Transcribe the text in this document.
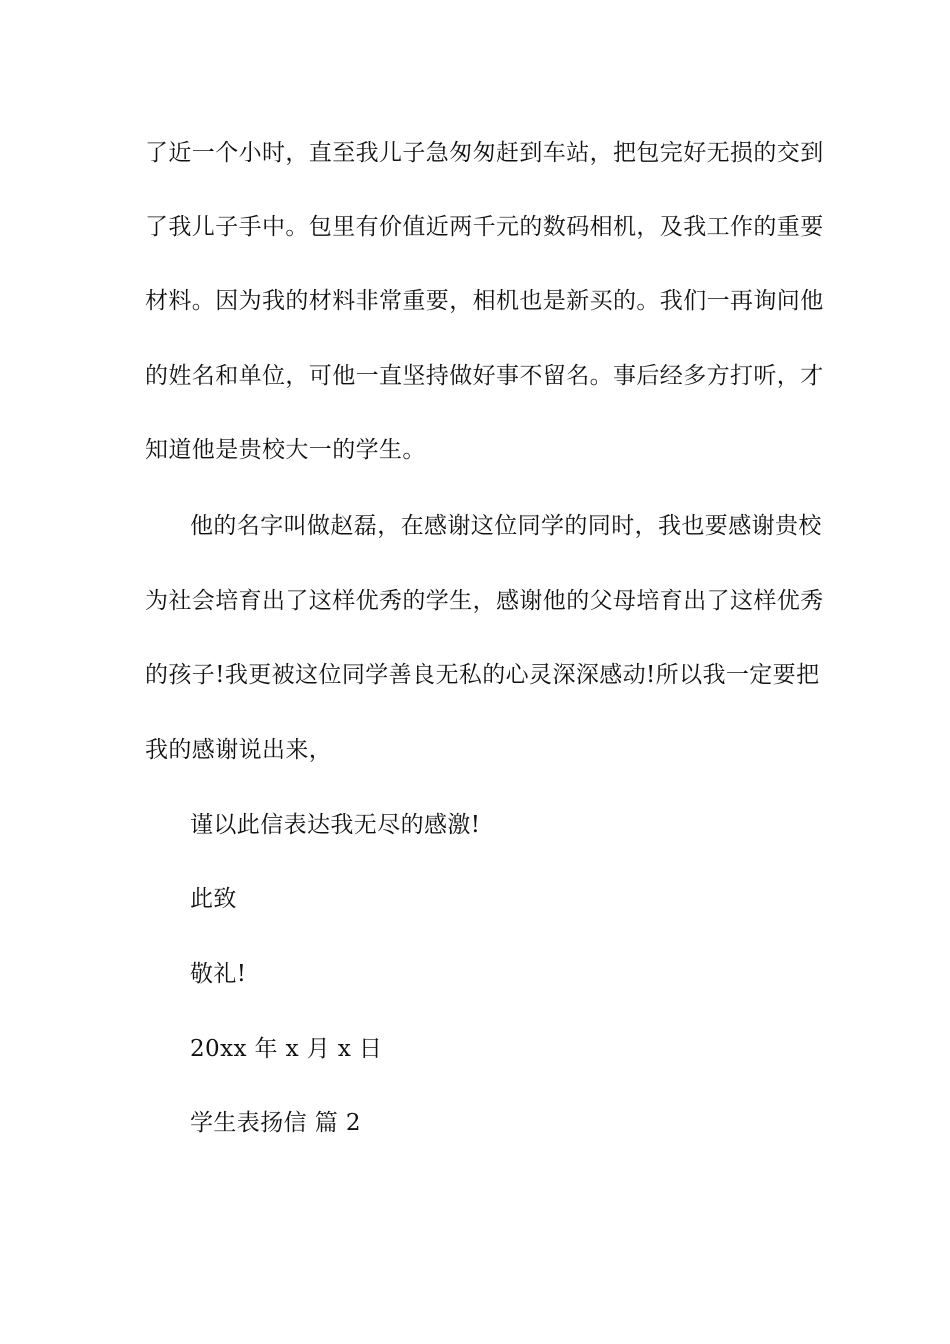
了近一个小时，直至我儿子急匆匆赶到车站，把包完好无损的交到
了我儿子手中。包里有价值近两千元的数码相机，及我工作的重要
材料。因为我的材料非常重要，相机也是新买的。我们一再询问他
的姓名和单位，可他一直坚持做好事不留名。事后经多方打听，才
知道他是贵校大一的学生。
他的名字叫做赵磊，在感谢这位同学的同时，我也要感谢贵校
为社会培育出了这样优秀的学生，感谢他的父母培育出了这样优秀
的孩子!我更被这位同学善良无私的心灵深深感动!所以我一定要把
我的感谢说出来，
谨以此信表达我无尽的感激!
此致
敬礼!
20xx 年 x 月 x 日
学生表扬信 篇 2
